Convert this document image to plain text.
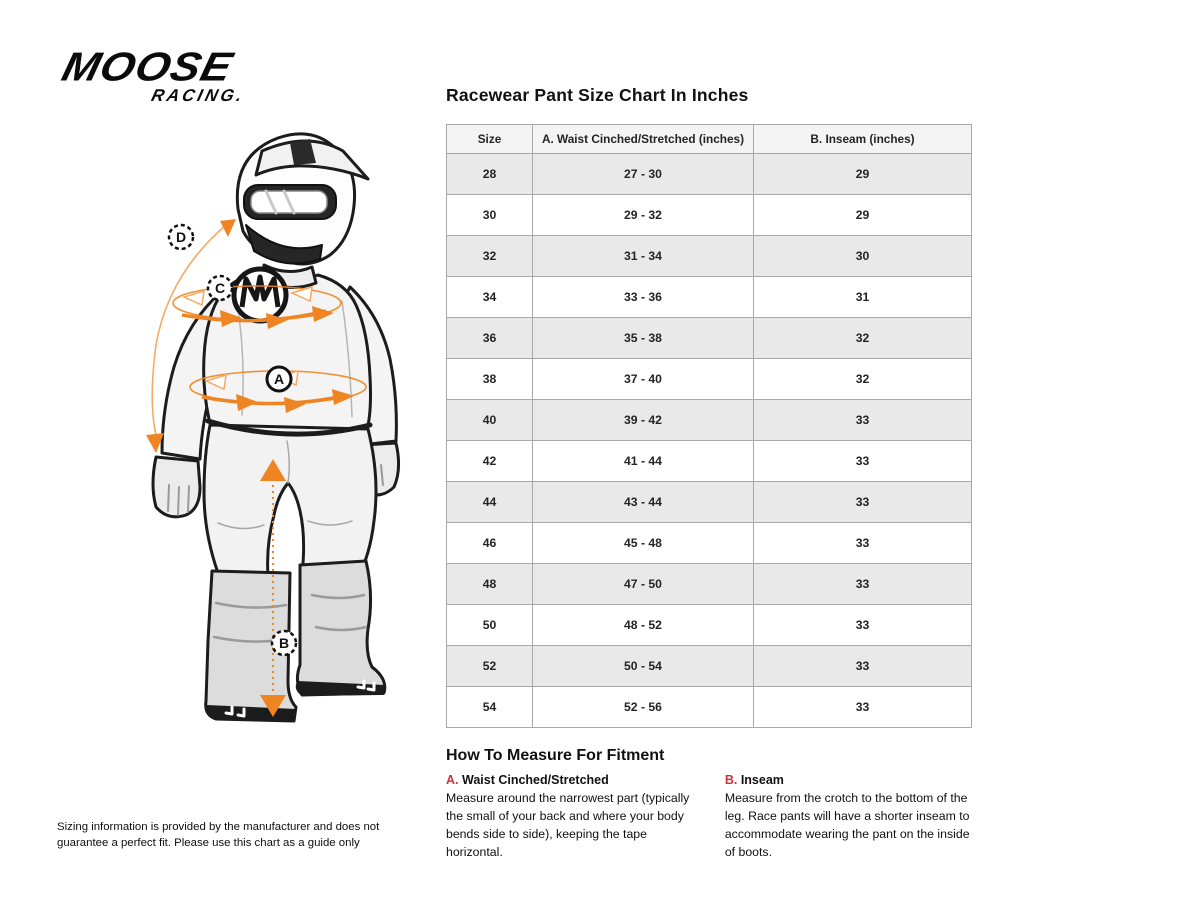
MOOSE
RACING.
A
B
C
D
Racewear Pant Size Chart In Inches
Size	A. Waist Cinched/Stretched (inches)	B. Inseam (inches)
28	27 - 30	29
30	29 - 32	29
32	31 - 34	30
34	33 - 36	31
36	35 - 38	32
38	37 - 40	32
40	39 - 42	33
42	41 - 44	33
44	43 - 44	33
46	45 - 48	33
48	47 - 50	33
50	48 - 52	33
52	50 - 54	33
54	52 - 56	33
How To Measure For Fitment
A. Waist Cinched/Stretched

Measure around the narrowest part (typically the small of your back and where your body bends side to side), keeping the tape horizontal.

B. Inseam

Measure from the crotch to the bottom of the leg. Race pants will have a shorter inseam to accommodate wearing the pant on the inside of boots.

Sizing information is provided by the manufacturer and does not guarantee a perfect fit. Please use this chart as a guide only
